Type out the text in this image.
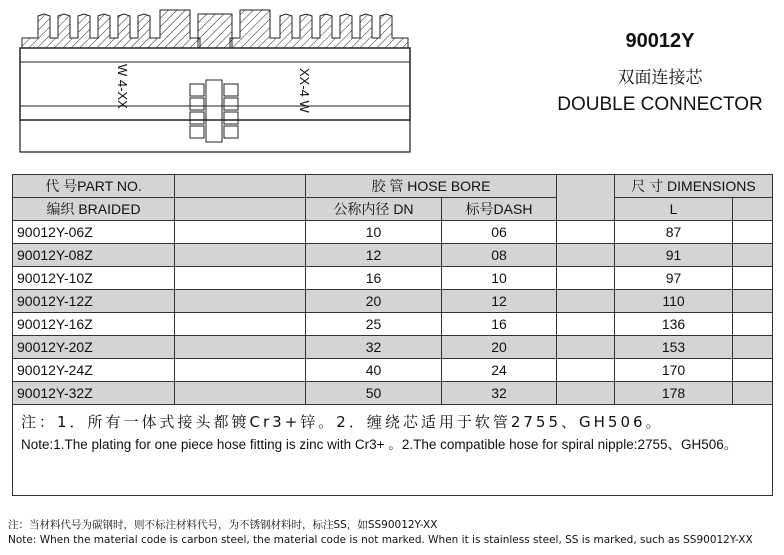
W 4-XX	XX-4 W
90012Y
双面连接芯
DOUBLE CONNECTOR
代 号PART NO.		胶 管 HOSE BORE			尺 寸 DIMENSIONS	
编织 BRAIDED		公称内径 DN	标号DASH		L	
90012Y-06Z		10	06		87	
90012Y-08Z		12	08		91	
90012Y-10Z		16	10		97	
90012Y-12Z		20	12		110	
90012Y-16Z		25	16		136	
90012Y-20Z		32	20		153	
90012Y-24Z		40	24		170	
90012Y-32Z		50	32		178	

注：1．所有一体式接头都镀Cr3+锌。2．缠绕芯适用于软管2755、GH506。
Note:1.The plating for one piece hose fitting is zinc with Cr3+ 。2.The compatible hose for spiral nipple:2755、GH506。						
注：当材料代号为碳钢时，则不标注材料代号，为不锈钢材料时，标注SS，如SS90012Y-XX
Note: When the material code is carbon steel, the material code is not marked. When it is stainless steel, SS is marked, such as SS90012Y-XX
